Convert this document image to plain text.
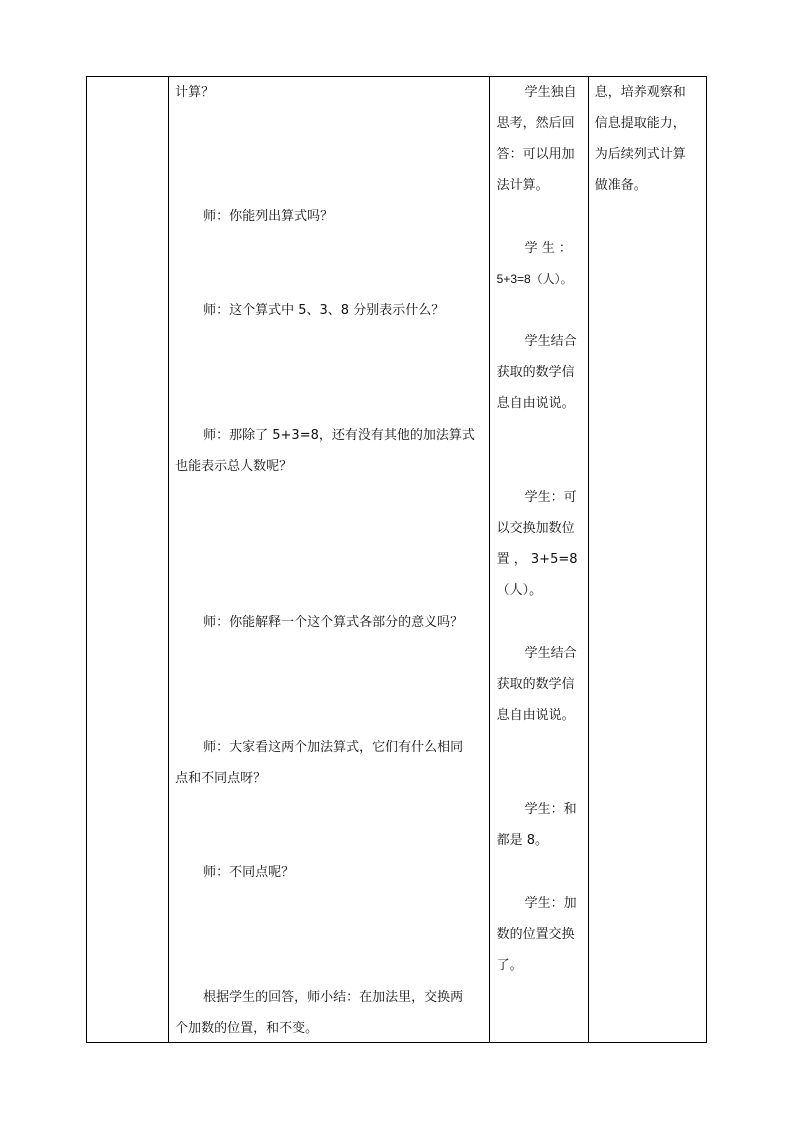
计算？
师：你能列出算式吗？
师：这个算式中 5、3、8 分别表示什么？
师：那除了 5+3=8，还有没有其他的加法算式
也能表示总人数呢？
师：你能解释一个这个算式各部分的意义吗？
师：大家看这两个加法算式，它们有什么相同
点和不同点呀？
师：不同点呢？
根据学生的回答，师小结：在加法里，交换两
个加数的位置，和不变。

学生独自
思考，然后回
答：可以用加
法计算。
学 生 ：
5+3=8（人）。
学生结合
获取的数学信
息自由说说。
学生：可
以交换加数位
置 ， 3+5=8
（人）。
学生结合
获取的数学信
息自由说说。
学生：和
都是 8。
学生：加
数的位置交换
了。

息，培养观察和
信息提取能力，
为后续列式计算
做准备。
